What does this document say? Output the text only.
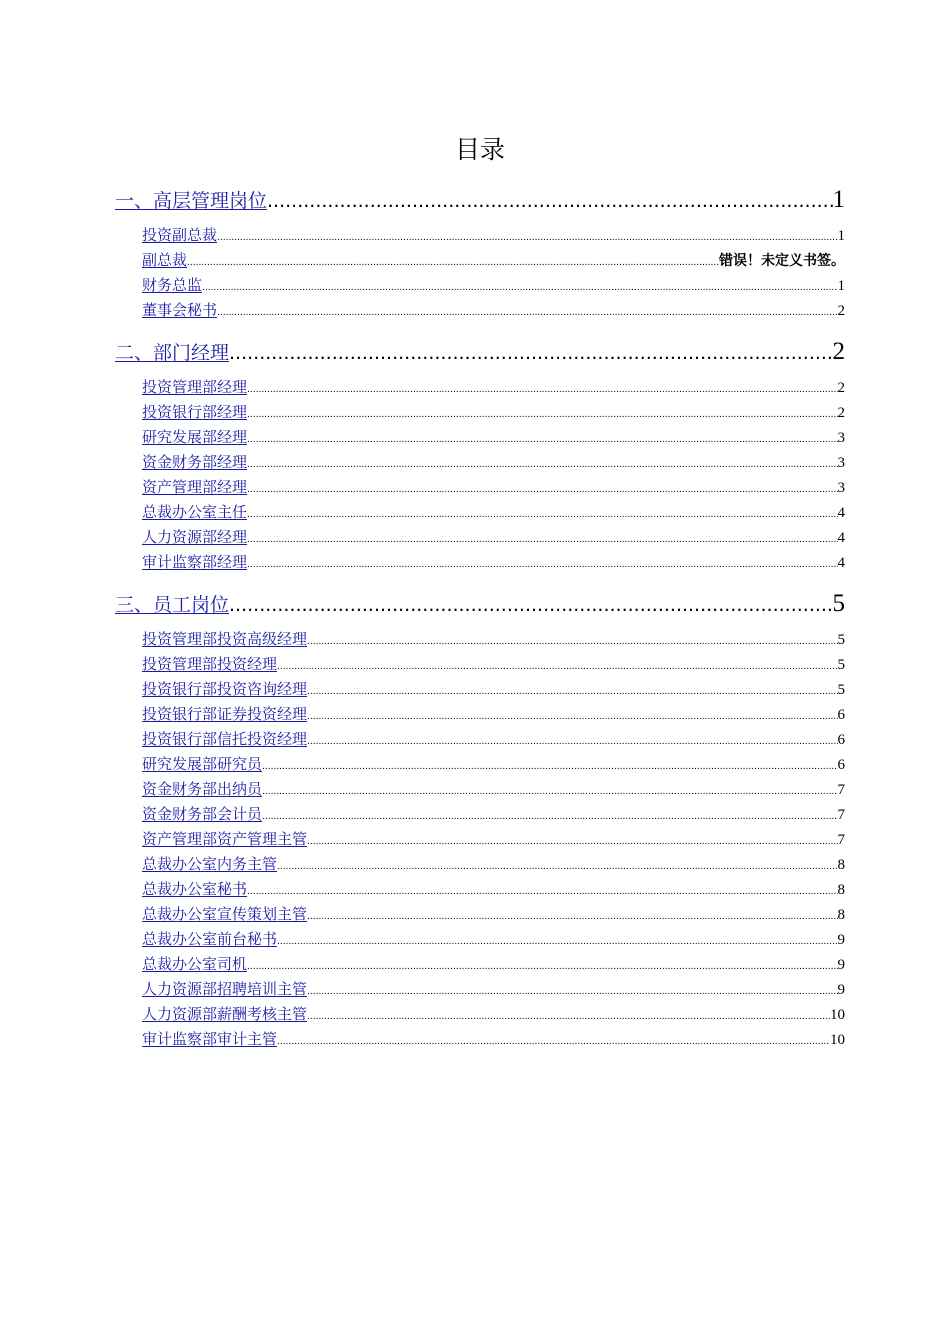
目录
一、高层管理岗位 .....	1
投资副总裁 .....	1
副总裁 .....	错误！未定义书签。
财务总监 .....	1
董事会秘书 .....	2
二、部门经理 .....	2
投资管理部经理 .....	2
投资银行部经理 .....	2
研究发展部经理 .....	3
资金财务部经理 .....	3
资产管理部经理 .....	3
总裁办公室主任 .....	4
人力资源部经理 .....	4
审计监察部经理 .....	4
三、员工岗位 .....	5
投资管理部投资高级经理 .....	5
投资管理部投资经理 .....	5
投资银行部投资咨询经理 .....	5
投资银行部证券投资经理 .....	6
投资银行部信托投资经理 .....	6
研究发展部研究员 .....	6
资金财务部出纳员 .....	7
资金财务部会计员 .....	7
资产管理部资产管理主管 .....	7
总裁办公室内务主管 .....	8
总裁办公室秘书 .....	8
总裁办公室宣传策划主管 .....	8
总裁办公室前台秘书 .....	9
总裁办公室司机 .....	9
人力资源部招聘培训主管 .....	9
人力资源部薪酬考核主管 .....	10
审计监察部审计主管 .....	10
